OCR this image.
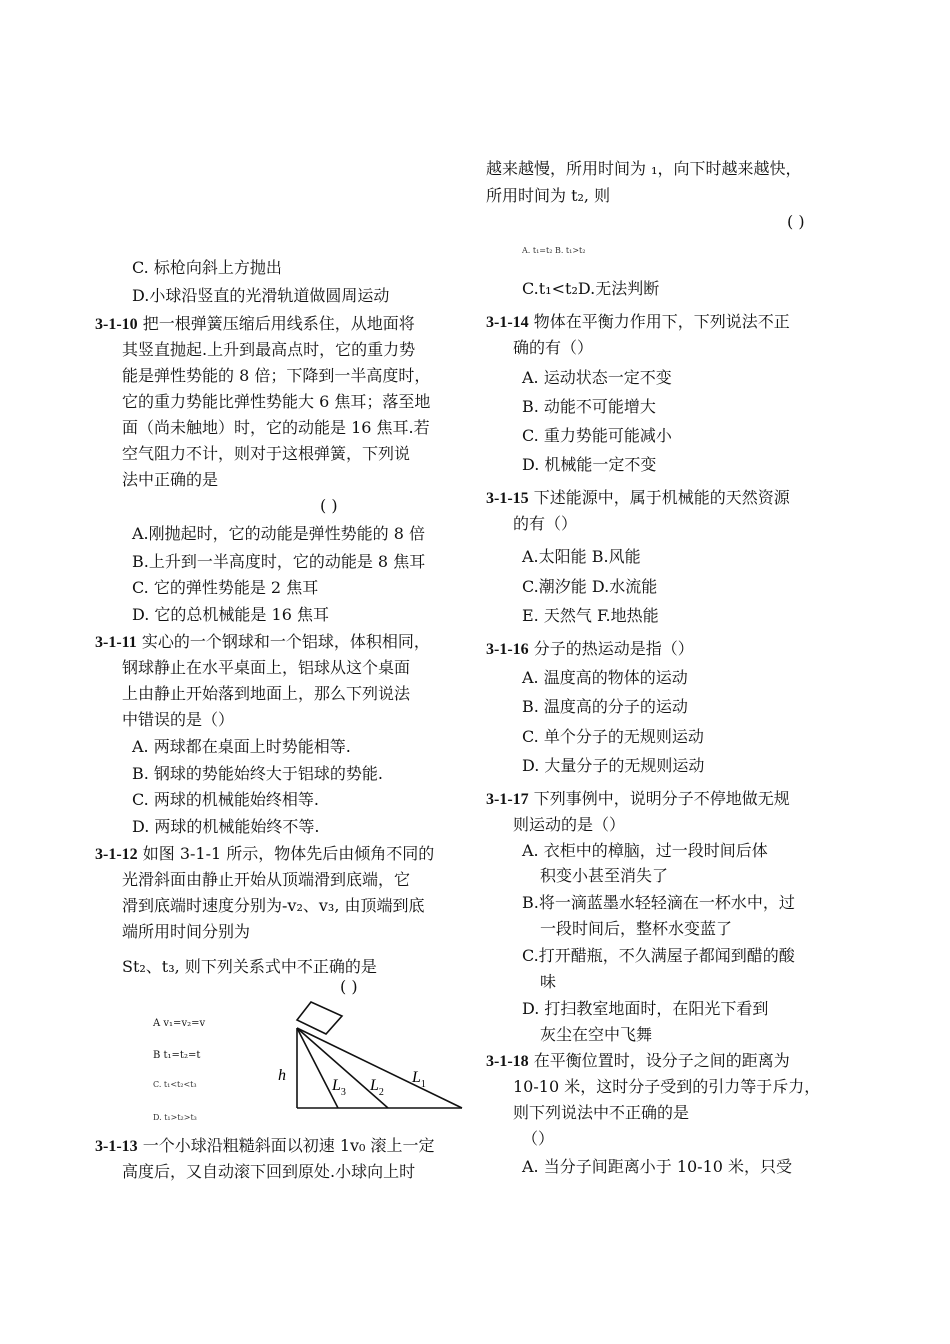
C. 标枪向斜上方抛出
D.小球沿竖直的光滑轨道做圆周运动
3-1-10 把一根弹簧压缩后用线系住，从地面将
其竖直抛起.上升到最高点时，它的重力势
能是弹性势能的 8 倍；下降到一半高度时，
它的重力势能比弹性势能大 6 焦耳；落至地
面（尚未触地）时，它的动能是 16 焦耳.若
空气阻力不计，则对于这根弹簧，下列说
法中正确的是
( )
A.刚抛起时，它的动能是弹性势能的 8 倍
B.上升到一半高度时，它的动能是 8 焦耳
C. 它的弹性势能是 2 焦耳
D. 它的总机械能是 16 焦耳
3-1-11 实心的一个钢球和一个铝球，体积相同，
钢球静止在水平桌面上，铝球从这个桌面
上由静止开始落到地面上，那么下列说法
中错误的是（）
A. 两球都在桌面上时势能相等.
B. 钢球的势能始终大于铝球的势能.
C. 两球的机械能始终相等.
D. 两球的机械能始终不等.
3-1-12 如图 3-1-1 所示，物体先后由倾角不同的
光滑斜面由静止开始从顶端滑到底端，它
滑到底端时速度分别为-v₂、v₃, 由顶端到底
端所用时间分别为
St₂、t₃, 则下列关系式中不正确的是
( )
A v₁=v₂=v
B t₁=t₂=t
C. t₁<t₂<t₃
D. t₁>t₂>t₃
h
$L_3$ $L_2$
$L_1$
3-1-13 一个小球沿粗糙斜面以初速 1v₀ 滚上一定
高度后，又自动滚下回到原处.小球向上时
越来越慢，所用时间为 ₁，向下时越来越快，
所用时间为 t₂, 则
( )
A. t₁=t₂ B. t₁>t₂
C.t₁<t₂D.无法判断
3-1-14 物体在平衡力作用下，下列说法不正
确的有（）
A. 运动状态一定不变
B. 动能不可能增大
C. 重力势能可能减小
D. 机械能一定不变
3-1-15 下述能源中，属于机械能的天然资源
的有（）
A.太阳能 B.风能
C.潮汐能 D.水流能
E. 天然气 F.地热能
3-1-16 分子的热运动是指（）
A. 温度高的物体的运动
B. 温度高的分子的运动
C. 单个分子的无规则运动
D. 大量分子的无规则运动
3-1-17 下列事例中，说明分子不停地做无规
则运动的是（）
A. 衣柜中的樟脑，过一段时间后体
积变小甚至消失了
B.将一滴蓝墨水轻轻滴在一杯水中，过
一段时间后，整杯水变蓝了
C.打开醋瓶，不久满屋子都闻到醋的酸
味
D. 打扫教室地面时，在阳光下看到
灰尘在空中飞舞
3-1-18 在平衡位置时，设分子之间的距离为
10-10 米，这时分子受到的引力等于斥力，
则下列说法中不正确的是
（）
A. 当分子间距离小于 10-10 米，只受
